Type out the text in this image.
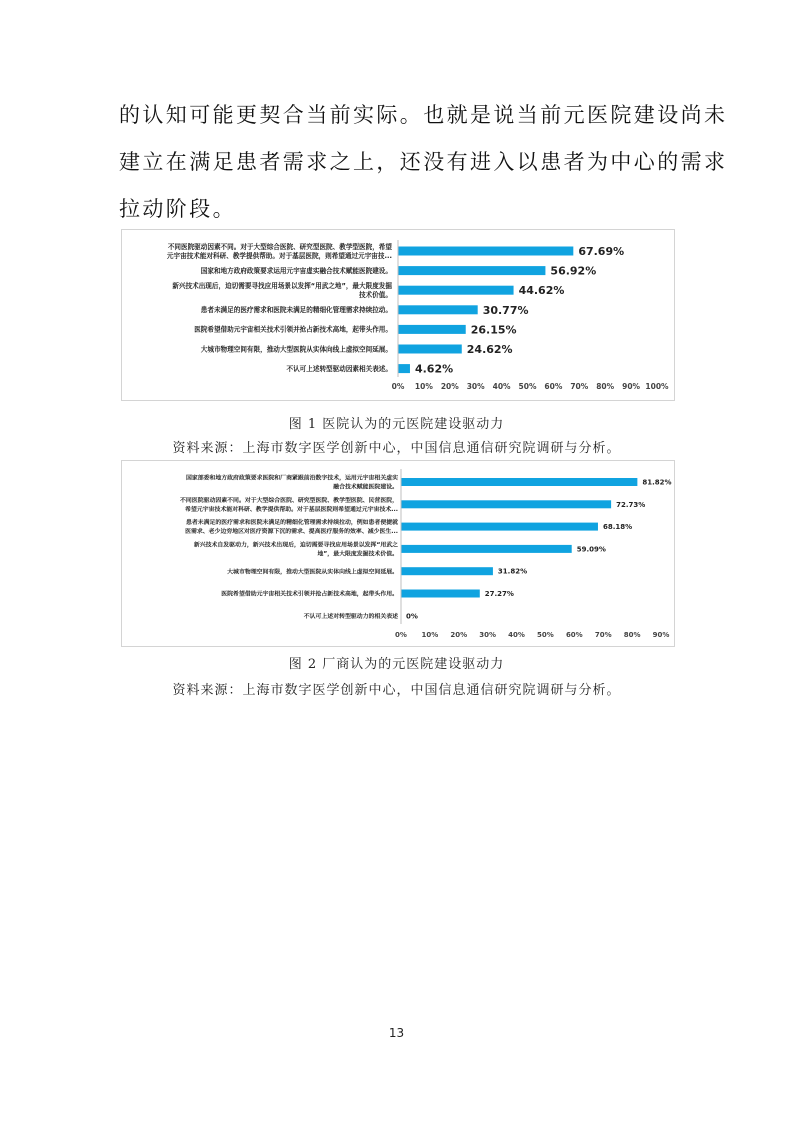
的认知可能更契合当前实际。也就是说当前元医院建设尚未
建立在满足患者需求之上，还没有进入以患者为中心的需求
拉动阶段。

67.69%
不同医院驱动因素不同。对于大型综合医院、研究型医院、教学型医院，希望
元宇宙技术能对科研、教学提供帮助。对于基层医院，则希望通过元宇宙技...
56.92%
国家和地方政府政策要求运用元宇宙虚实融合技术赋能医院建设。
44.62%
新兴技术出现后，迫切需要寻找应用场景以发挥“用武之地”，最大限度发掘
技术价值。
30.77%
患者未满足的医疗需求和医院未满足的精细化管理需求持续拉动。
26.15%
医院希望借助元宇宙相关技术引领并抢占新技术高地，起带头作用。
24.62%
大城市物理空间有限，推动大型医院从实体向线上虚拟空间延展。
4.62%
不认可上述转型驱动因素相关表述。
0% 10% 20% 30% 40% 50% 60% 70% 80% 90% 100%
图 1 医院认为的元医院建设驱动力
资料来源：上海市数字医学创新中心，中国信息通信研究院调研与分析。
81.82%
国家部委和地方政府政策要求医院和厂商紧跟前沿数字技术，运用元宇宙相关虚实
融合技术赋能医院建设。
72.73%
不同医院驱动因素不同。对于大型综合医院、研究型医院、教学型医院、民营医院，
希望元宇宙技术能对科研、教学提供帮助。对于基层医院则希望通过元宇宙技术...
68.18%
患者未满足的医疗需求和医院未满足的精细化管理需求持续拉动，例如患者便捷就
医需求、老少边穷地区对医疗资源下沉的需求、提高医疗服务的效率、减少医生...
59.09%
新兴技术自发驱动力，新兴技术出现后，迫切需要寻找应用场景以发挥“用武之
地”，最大限度发掘技术价值。
31.82%
大城市物理空间有限，推动大型医院从实体向线上虚拟空间延展。
27.27%
医院希望借助元宇宙相关技术引领并抢占新技术高地，起带头作用。
0%
不认可上述对转型驱动力的相关表述
0% 10% 20% 30% 40% 50% 60% 70% 80% 90%
图 2 厂商认为的元医院建设驱动力
资料来源：上海市数字医学创新中心，中国信息通信研究院调研与分析。
13
